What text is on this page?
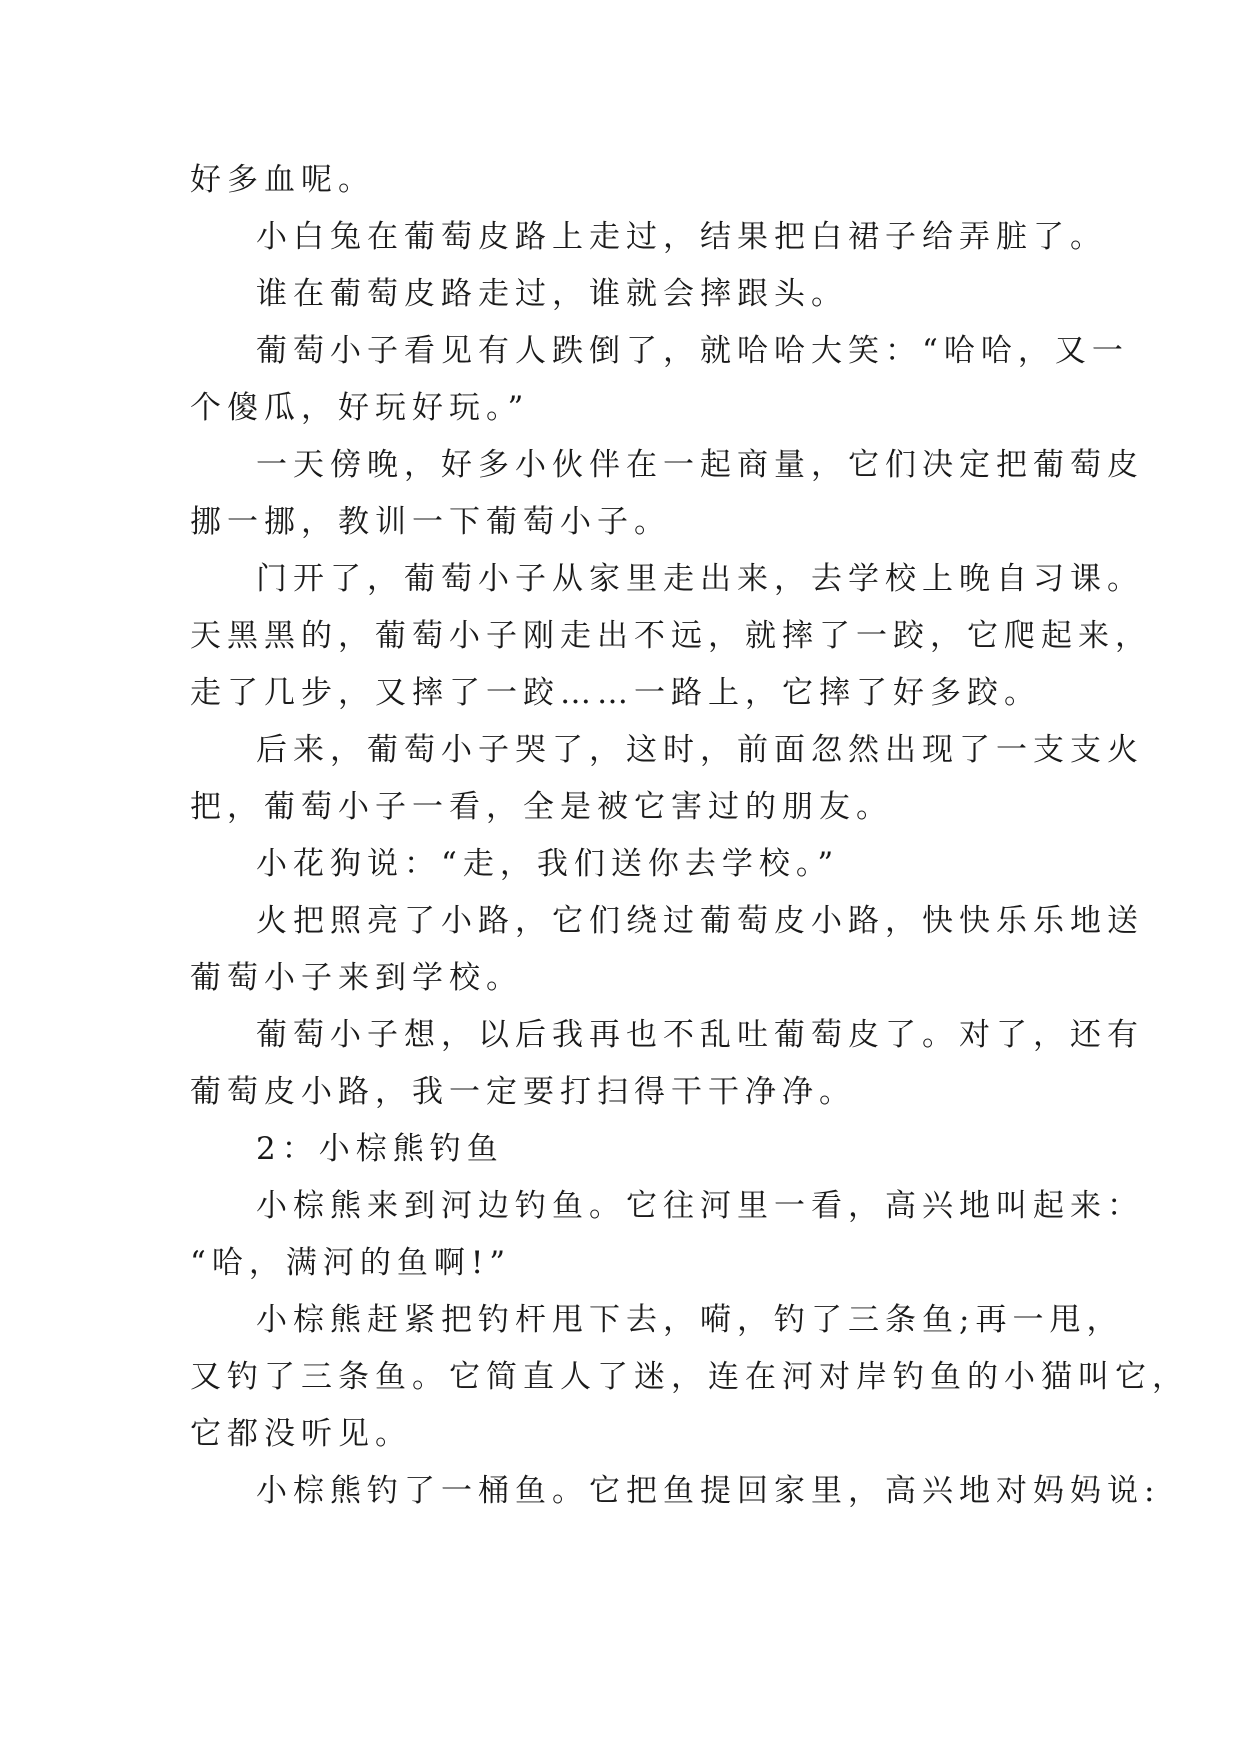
好多血呢。
小白兔在葡萄皮路上走过，结果把白裙子给弄脏了。
谁在葡萄皮路走过，谁就会摔跟头。
葡萄小子看见有人跌倒了，就哈哈大笑：“哈哈，又一
个傻瓜，好玩好玩。”
一天傍晚，好多小伙伴在一起商量，它们决定把葡萄皮
挪一挪，教训一下葡萄小子。
门开了，葡萄小子从家里走出来，去学校上晚自习课。
天黑黑的，葡萄小子刚走出不远，就摔了一跤，它爬起来，
走了几步，又摔了一跤……一路上，它摔了好多跤。
后来，葡萄小子哭了，这时，前面忽然出现了一支支火
把，葡萄小子一看，全是被它害过的朋友。
小花狗说：“走，我们送你去学校。”
火把照亮了小路，它们绕过葡萄皮小路，快快乐乐地送
葡萄小子来到学校。
葡萄小子想，以后我再也不乱吐葡萄皮了。对了，还有
葡萄皮小路，我一定要打扫得干干净净。
2：小棕熊钓鱼
小棕熊来到河边钓鱼。它往河里一看，高兴地叫起来：
“哈，满河的鱼啊!”
小棕熊赶紧把钓杆甩下去，嗬，钓了三条鱼;再一甩，
又钓了三条鱼。它简直人了迷，连在河对岸钓鱼的小猫叫它，
它都没听见。
小棕熊钓了一桶鱼。它把鱼提回家里，高兴地对妈妈说:
